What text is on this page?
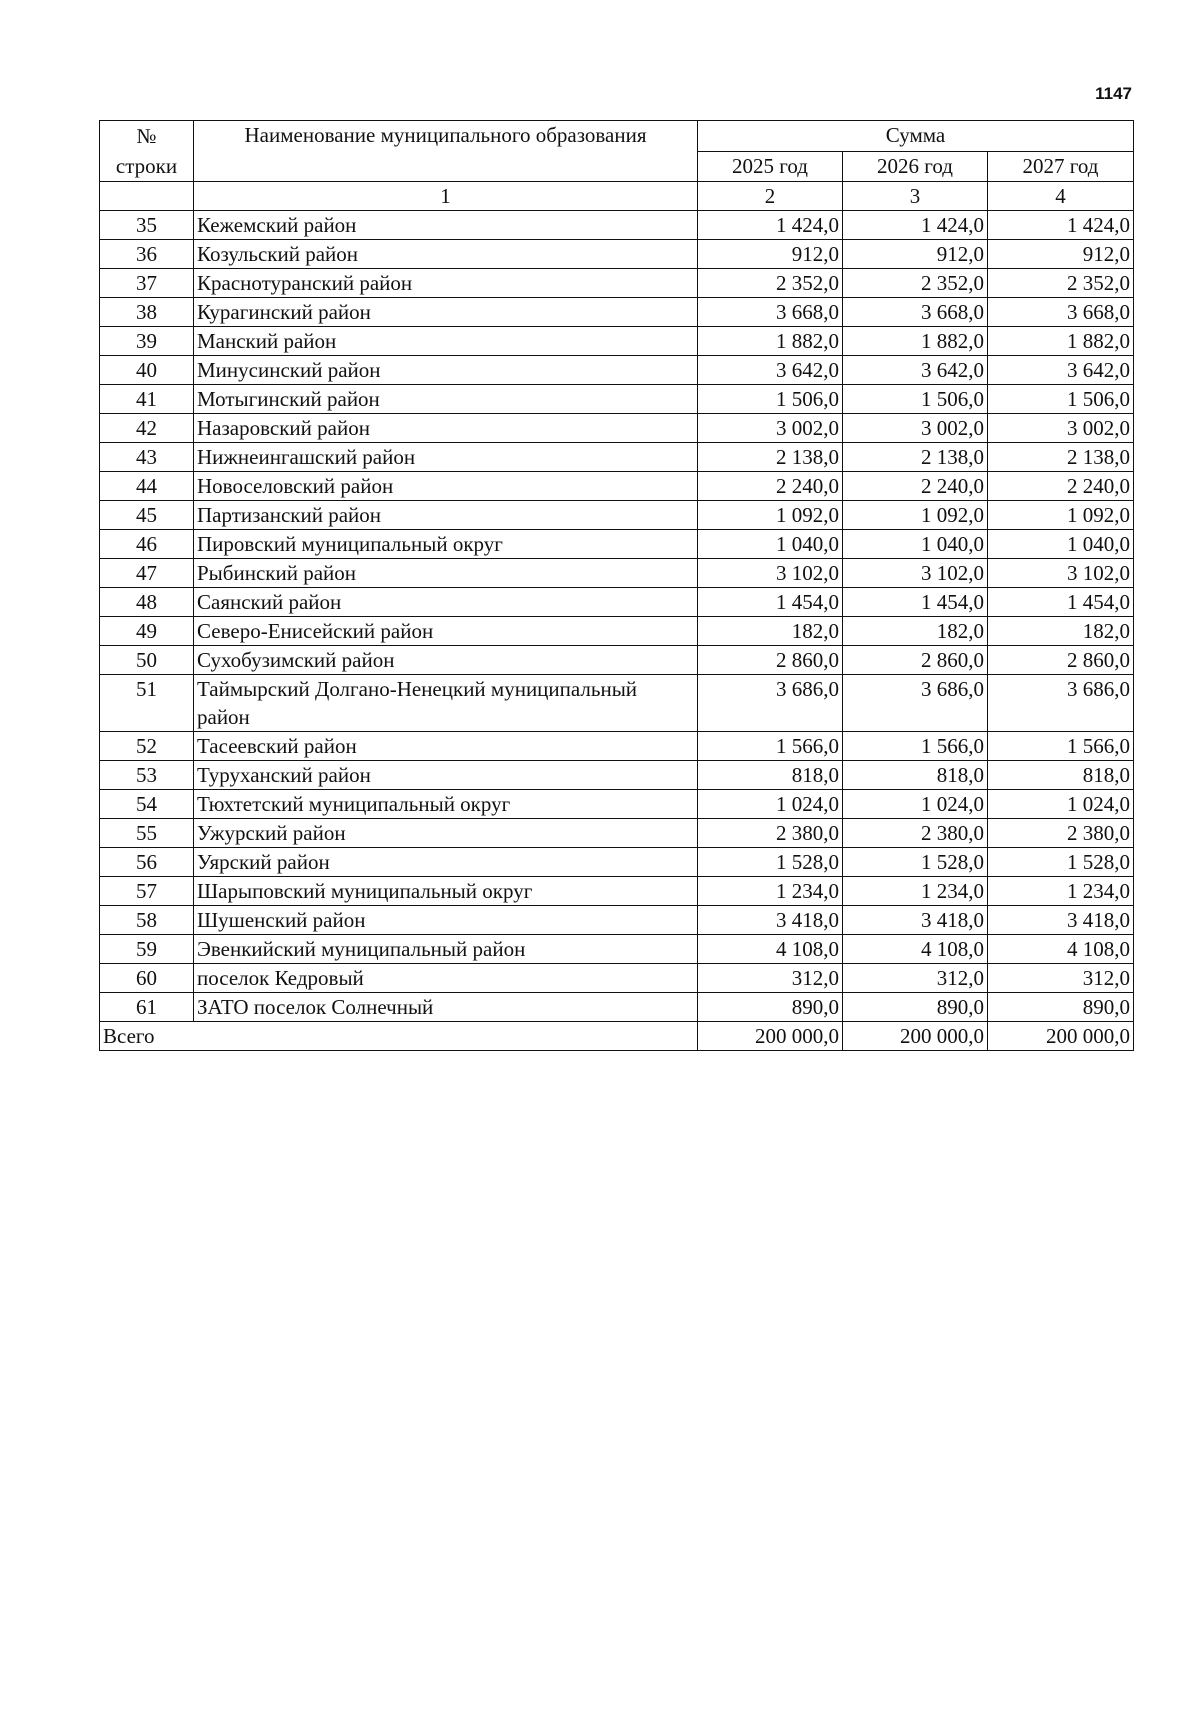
1147
№
строки	Наименование муниципального образования	Сумма		
		2025 год	2026 год	2027 год
	1	2	3	4
35	Кежемский район	1 424,0	1 424,0	1 424,0
36	Козульский район	912,0	912,0	912,0
37	Краснотуранский район	2 352,0	2 352,0	2 352,0
38	Курагинский район	3 668,0	3 668,0	3 668,0
39	Манский район	1 882,0	1 882,0	1 882,0
40	Минусинский район	3 642,0	3 642,0	3 642,0
41	Мотыгинский район	1 506,0	1 506,0	1 506,0
42	Назаровский район	3 002,0	3 002,0	3 002,0
43	Нижнеингашский район	2 138,0	2 138,0	2 138,0
44	Новоселовский район	2 240,0	2 240,0	2 240,0
45	Партизанский район	1 092,0	1 092,0	1 092,0
46	Пировский муниципальный округ	1 040,0	1 040,0	1 040,0
47	Рыбинский район	3 102,0	3 102,0	3 102,0
48	Саянский район	1 454,0	1 454,0	1 454,0
49	Северо-Енисейский район	182,0	182,0	182,0
50	Сухобузимский район	2 860,0	2 860,0	2 860,0
51	Таймырский Долгано-Ненецкий муниципальный район	3 686,0	3 686,0	3 686,0
52	Тасеевский район	1 566,0	1 566,0	1 566,0
53	Туруханский район	818,0	818,0	818,0
54	Тюхтетский муниципальный округ	1 024,0	1 024,0	1 024,0
55	Ужурский район	2 380,0	2 380,0	2 380,0
56	Уярский район	1 528,0	1 528,0	1 528,0
57	Шарыповский муниципальный округ	1 234,0	1 234,0	1 234,0
58	Шушенский район	3 418,0	3 418,0	3 418,0
59	Эвенкийский муниципальный район	4 108,0	4 108,0	4 108,0
60	поселок Кедровый	312,0	312,0	312,0
61	ЗАТО поселок Солнечный	890,0	890,0	890,0
Всего		200 000,0	200 000,0	200 000,0
